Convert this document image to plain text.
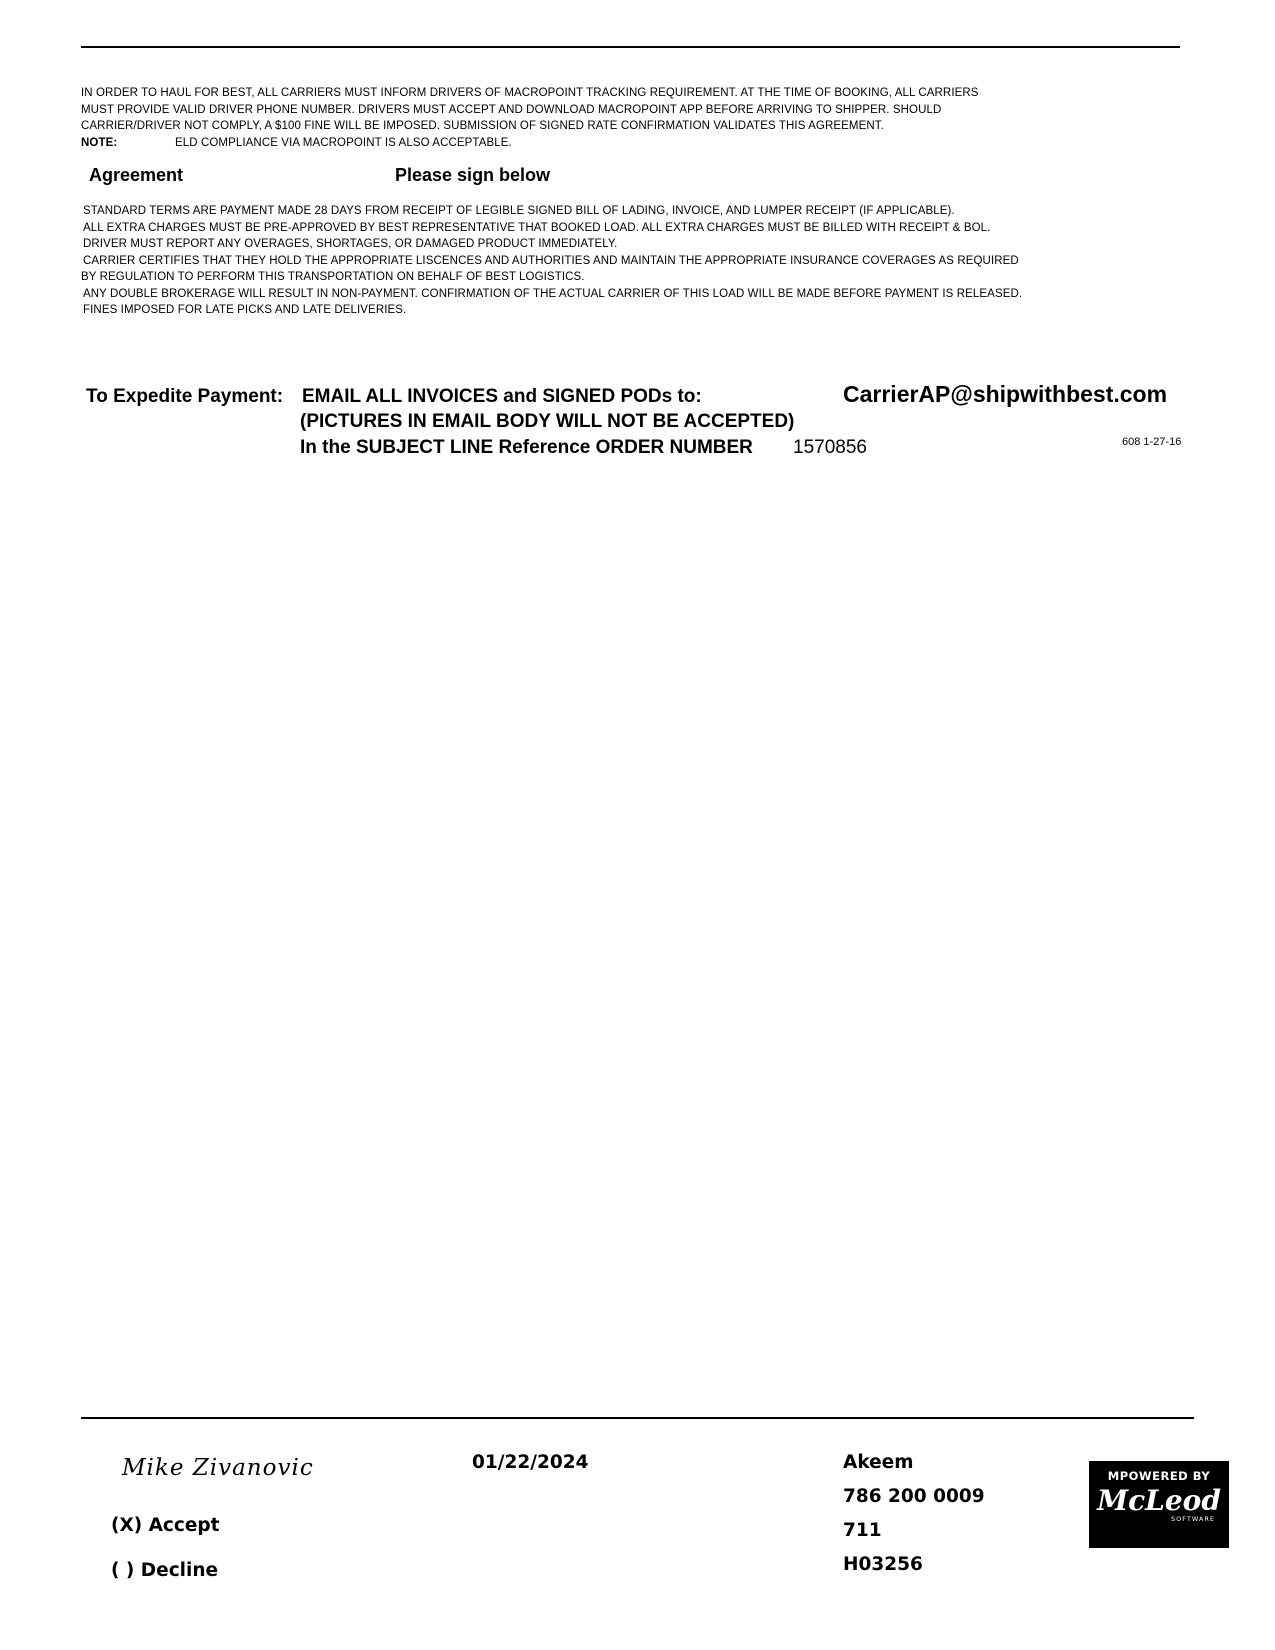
IN ORDER TO HAUL FOR BEST, ALL CARRIERS MUST INFORM DRIVERS OF MACROPOINT TRACKING REQUIREMENT. AT THE TIME OF BOOKING, ALL CARRIERS
MUST PROVIDE VALID DRIVER PHONE NUMBER. DRIVERS MUST ACCEPT AND DOWNLOAD MACROPOINT APP BEFORE ARRIVING TO SHIPPER. SHOULD
CARRIER/DRIVER NOT COMPLY, A $100 FINE WILL BE IMPOSED. SUBMISSION OF SIGNED RATE CONFIRMATION VALIDATES THIS AGREEMENT.
NOTE:	ELD COMPLIANCE VIA MACROPOINT IS ALSO ACCEPTABLE.
Agreement	Please sign below
STANDARD TERMS ARE PAYMENT MADE 28 DAYS FROM RECEIPT OF LEGIBLE SIGNED BILL OF LADING, INVOICE, AND LUMPER RECEIPT (IF APPLICABLE).
ALL EXTRA CHARGES MUST BE PRE-APPROVED BY BEST REPRESENTATIVE THAT BOOKED LOAD. ALL EXTRA CHARGES MUST BE BILLED WITH RECEIPT & BOL.
DRIVER MUST REPORT ANY OVERAGES, SHORTAGES, OR DAMAGED PRODUCT IMMEDIATELY.
CARRIER CERTIFIES THAT THEY HOLD THE APPROPRIATE LISCENCES AND AUTHORITIES AND MAINTAIN THE APPROPRIATE INSURANCE COVERAGES AS REQUIRED
BY REGULATION TO PERFORM THIS TRANSPORTATION ON BEHALF OF BEST LOGISTICS.
ANY DOUBLE BROKERAGE WILL RESULT IN NON-PAYMENT. CONFIRMATION OF THE ACTUAL CARRIER OF THIS LOAD WILL BE MADE BEFORE PAYMENT IS RELEASED.
FINES IMPOSED FOR LATE PICKS AND LATE DELIVERIES.
To Expedite Payment: EMAIL ALL INVOICES and SIGNED PODs to:	CarrierAP@shipwithbest.com
(PICTURES IN EMAIL BODY WILL NOT BE ACCEPTED)
In the SUBJECT LINE Reference ORDER NUMBER 1570856	608 1-27-16
Mike Zivanovic	01/22/2024
(X) Accept
( ) Decline
Akeem
786 200 0009
711
H03256
MPOWERED BY
McLeod
SOFTWARE
